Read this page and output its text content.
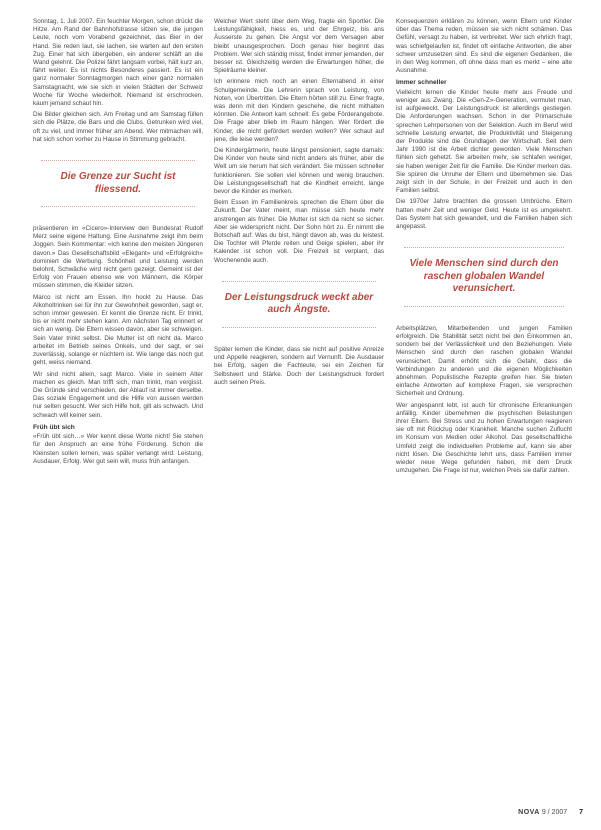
Sonntag, 1. Juli 2007. Ein feuchter Morgen, schon drückt die Hitze. Am Rand der Bahnhofstrasse sitzen sie, die jungen Leute, noch vom Vorabend gezeichnet, das Bier in der Hand. Sie reden laut, sie lachen, sie warten auf den ersten Zug. Einer hat sich übergeben, ein anderer schläft an die Wand gelehnt. Die Polizei fährt langsam vorbei, hält kurz an, fährt weiter. Es ist nichts Besonderes passiert. Es ist ein ganz normaler Sonntagmorgen nach einer ganz normalen Samstagnacht, wie sie sich in vielen Städten der Schweiz Woche für Woche wiederholt. Niemand ist erschrocken, kaum jemand schaut hin.

Die Bilder gleichen sich. Am Freitag und am Samstag füllen sich die Plätze, die Bars und die Clubs. Getrunken wird viel, oft zu viel, und immer früher am Abend. Wer mitmachen will, hat sich schon vorher zu Hause in Stimmung gebracht.

Die Grenze zur Sucht ist fliessend.

präsentieren im «Cicero»-Interview den Bundesrat Rudolf Merz seine eigene Haltung. Eine Ausnahme zeigt ihm beim Joggen. Sein Kommentar: «Ich kenne den meisten Jüngeren davon.» Das Gesellschaftsbild «Elegant» und «Erfolgreich» dominiert die Werbung. Schönheit und Leistung werden belohnt, Schwäche wird nicht gern gezeigt. Gemeint ist der Erfolg von Frauen ebenso wie von Männern, die Körper müssen stimmen, die Kleider sitzen.

Marco ist nicht am Essen. Ihn hockt zu Hause. Das Alkoholtrinken sei für ihn zur Gewohnheit geworden, sagt er, schon immer gewesen. Er kennt die Grenze nicht. Er trinkt, bis er nicht mehr stehen kann. Am nächsten Tag erinnert er sich an wenig. Die Eltern wissen davon, aber sie schweigen. Sein Vater trinkt selbst. Die Mutter ist oft nicht da. Marco arbeitet im Betrieb seines Onkels, und der sagt, er sei zuverlässig, solange er nüchtern ist. Wie lange das noch gut geht, weiss niemand.

Wir sind nicht allein, sagt Marco. Viele in seinem Alter machen es gleich. Man trifft sich, man trinkt, man vergisst. Die Gründe sind verschieden, der Ablauf ist immer derselbe. Das soziale Engagement und die Hilfe von aussen werden nur selten gesucht. Wer sich Hilfe holt, gilt als schwach. Und schwach will keiner sein.

Früh übt sich

«Früh übt sich…» Wer kennt diese Worte nicht! Sie stehen für den Anspruch an eine frühe Förderung. Schon die Kleinsten sollen lernen, was später verlangt wird: Leistung, Ausdauer, Erfolg. Wer gut sein will, muss früh anfangen.

Welcher Wert steht über dem Weg, fragte ein Sportler. Die Leistungsfähigkeit, hiess es, und der Ehrgeiz, bis ans Äusserste zu gehen. Die Angst vor dem Versagen aber bleibt unausgesprochen. Doch genau hier beginnt das Problem. Wer sich ständig misst, findet immer jemanden, der besser ist. Gleichzeitig werden die Erwartungen höher, die Spielräume kleiner.

Ich erinnere mich noch an einen Elternabend in einer Schulgemeinde. Die Lehrerin sprach von Leistung, von Noten, von Übertritten. Die Eltern hörten still zu. Einer fragte, was denn mit den Kindern geschehe, die nicht mithalten könnten. Die Antwort kam schnell: Es gebe Förderangebote. Die Frage aber blieb im Raum hängen. Wer fördert die Kinder, die nicht gefördert werden wollen? Wer schaut auf jene, die leise werden?

Die Kindergärtnerin, heute längst pensioniert, sagte damals: Die Kinder von heute sind nicht anders als früher, aber die Welt um sie herum hat sich verändert. Sie müssen schneller funktionieren. Sie sollen viel können und wenig brauchen. Die Leistungsgesellschaft hat die Kindheit erreicht, lange bevor die Kinder es merken.

Beim Essen im Familienkreis sprechen die Eltern über die Zukunft. Der Vater meint, man müsse sich heute mehr anstrengen als früher. Die Mutter ist sich da nicht so sicher. Aber sie widerspricht nicht. Der Sohn hört zu. Er nimmt die Botschaft auf: Was du bist, hängt davon ab, was du leistest. Die Tochter will Pferde reiten und Geige spielen, aber ihr Kalender ist schon voll. Die Freizeit ist verplant, das Wochenende auch.

Der Leistungsdruck weckt aber auch Ängste.

Später lernen die Kinder, dass sie nicht auf positive Anreize und Appelle reagieren, sondern auf Vernunft. Die Ausdauer bei Erfolg, sagen die Fachleute, sei ein Zeichen für Selbstwert und Stärke. Doch der Leistungsdruck fordert auch seinen Preis.

Konsequenzen erklären zu können, wenn Eltern und Kinder über das Thema reden, müssen sie sich nicht schämen. Das Gefühl, versagt zu haben, ist verbreitet. Wer sich ehrlich fragt, was schiefgelaufen ist, findet oft einfache Antworten, die aber schwer umzusetzen sind. Es sind die eigenen Gedanken, die in den Weg kommen, oft ohne dass man es merkt – eine alte Ausnahme.

Immer schneller

Vielleicht lernen die Kinder heute mehr aus Freude und weniger aus Zwang. Die «Gen-Z»-Generation, vermutet man, ist aufgeweckt. Der Leistungsdruck ist allerdings gestiegen. Die Anforderungen wachsen. Schon in der Primarschule sprechen Lehrpersonen von der Selektion. Auch im Beruf wird schnelle Leistung erwartet, die Produktivität und Steigerung der Produkte sind die Grundlagen der Wirtschaft. Seit dem Jahr 1990 ist die Arbeit dichter geworden. Viele Menschen fühlen sich gehetzt. Sie arbeiten mehr, sie schlafen weniger, sie haben weniger Zeit für die Familie. Die Kinder merken das. Sie spüren die Unruhe der Eltern und übernehmen sie. Das zeigt sich in der Schule, in der Freizeit und auch in den Familien selbst.

Die 1970er Jahre brachten die grossen Umbrüche. Eltern hatten mehr Zeit und weniger Geld. Heute ist es umgekehrt. Das System hat sich gewandelt, und die Familien haben sich angepasst.

Viele Menschen sind durch den raschen globalen Wandel verunsichert.

Arbeitsplätzen, Mitarbeitenden und jungen Familien erfolgreich. Die Stabilität setzt nicht bei den Einkommen an, sondern bei der Verlässlichkeit und den Beziehungen. Viele Menschen sind durch den raschen globalen Wandel verunsichert. Damit erhöht sich die Gefahr, dass die Verbindungen zu anderen und die eigenen Möglichkeiten abnehmen. Populistische Rezepte greifen hier. Sie bieten einfache Antworten auf komplexe Fragen, sie versprechen Sicherheit und Ordnung.

Wer angespannt lebt, ist auch für chronische Erkrankungen anfällig. Kinder übernehmen die psychischen Belastungen ihrer Eltern. Bei Stress und zu hohen Erwartungen reagieren sie oft mit Rückzug oder Krankheit. Manche suchen Zuflucht im Konsum von Medien oder Alkohol. Das gesellschaftliche Umfeld zeigt die individuellen Probleme auf, kann sie aber nicht lösen. Die Geschichte lehrt uns, dass Familien immer wieder neue Wege gefunden haben, mit dem Druck umzugehen. Die Frage ist nur, welchen Preis sie dafür zahlen.

NOVA 9 / 2007 7
